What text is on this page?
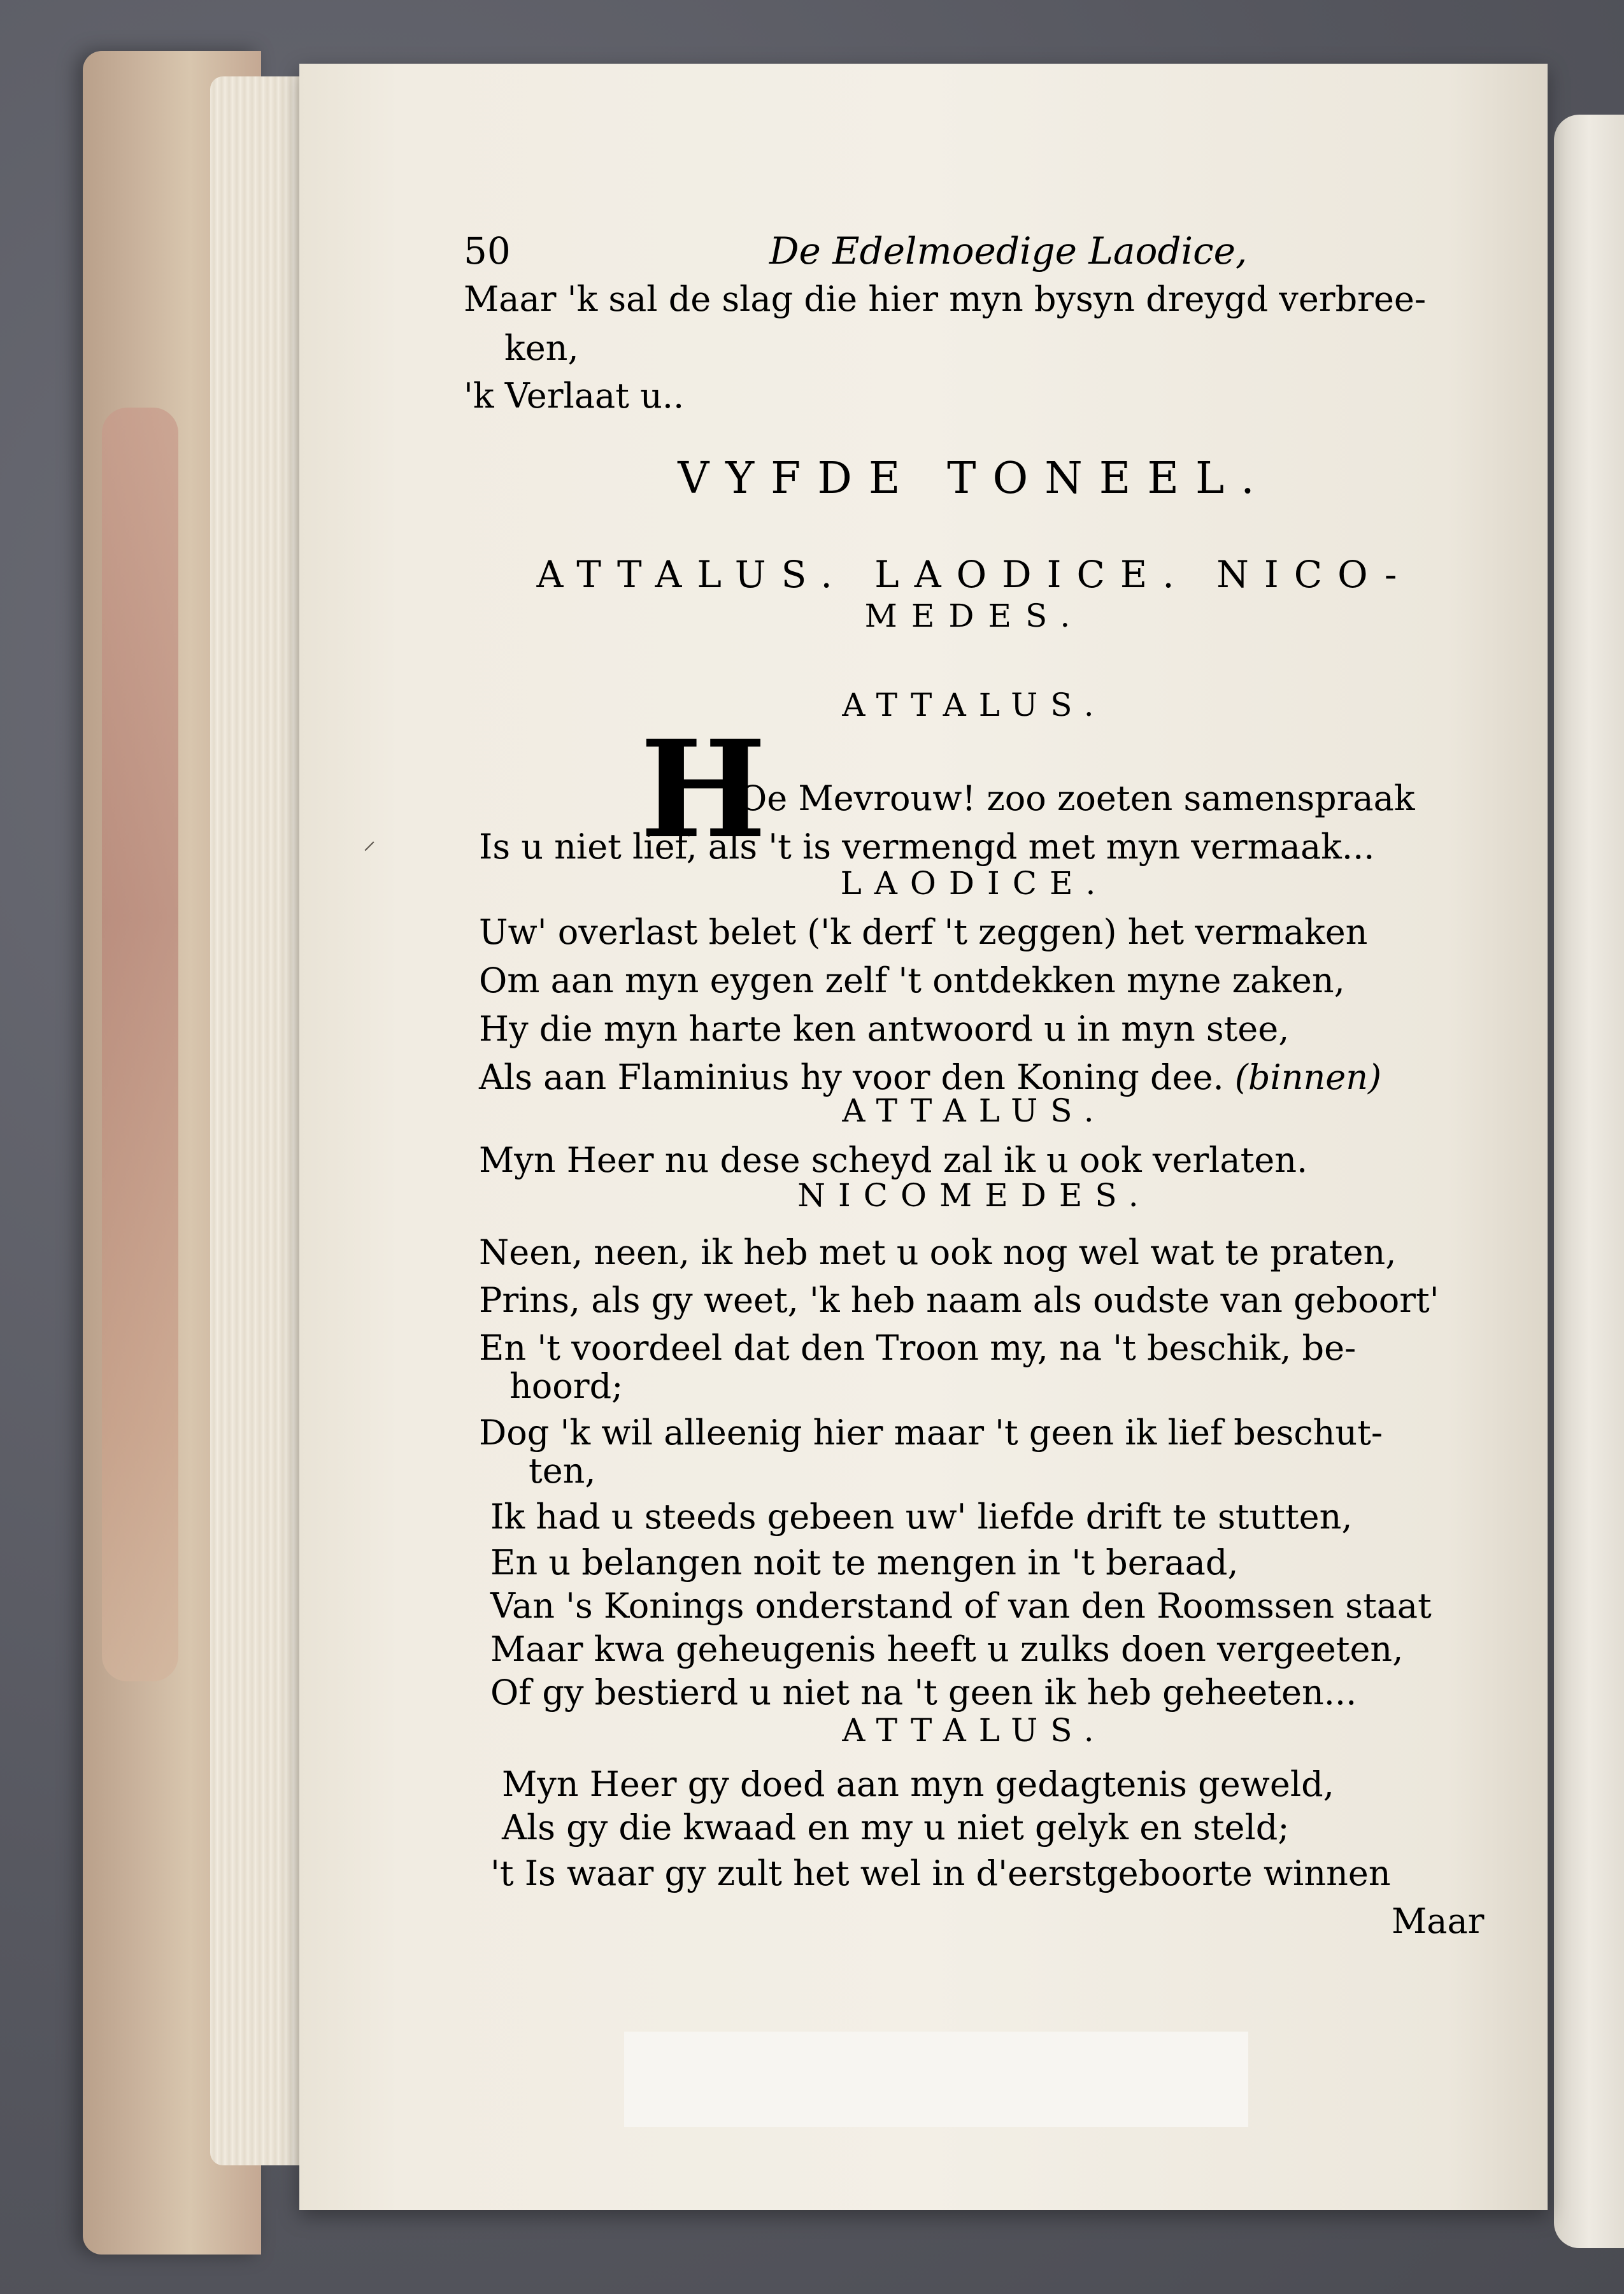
50	De Edelmoedige Laodice,
Maar 'k sal de slag die hier myn bysyn dreygd verbree-
ken,
'k Verlaat u..
VYFDE TONEEL.
ATTALUS. LAODICE. NICO-
MEDES.
ATTALUS.
H
Oe Mevrouw! zoo zoeten samenspraak
Is u niet lief, als 't is vermengd met myn vermaak...
LAODICE.
Uw' overlast belet ('k derf 't zeggen) het vermaken
Om aan myn eygen zelf 't ontdekken myne zaken,
Hy die myn harte ken antwoord u in myn stee,
Als aan Flaminius hy voor den Koning dee. (binnen)
ATTALUS.
Myn Heer nu dese scheyd zal ik u ook verlaten.
NICOMEDES.
Neen, neen, ik heb met u ook nog wel wat te praten,
Prins, als gy weet, 'k heb naam als oudste van geboort'
En 't voordeel dat den Troon my, na 't beschik, be-
hoord;
Dog 'k wil alleenig hier maar 't geen ik lief beschut-
ten,
Ik had u steeds gebeen uw' liefde drift te stutten,
En u belangen noit te mengen in 't beraad,
Van 's Konings onderstand of van den Roomssen staat
Maar kwa geheugenis heeft u zulks doen vergeeten,
Of gy bestierd u niet na 't geen ik heb geheeten...
ATTALUS.
Myn Heer gy doed aan myn gedagtenis geweld,
Als gy die kwaad en my u niet gelyk en steld;
't Is waar gy zult het wel in d'eerstgeboorte winnen
Maar
⸝
